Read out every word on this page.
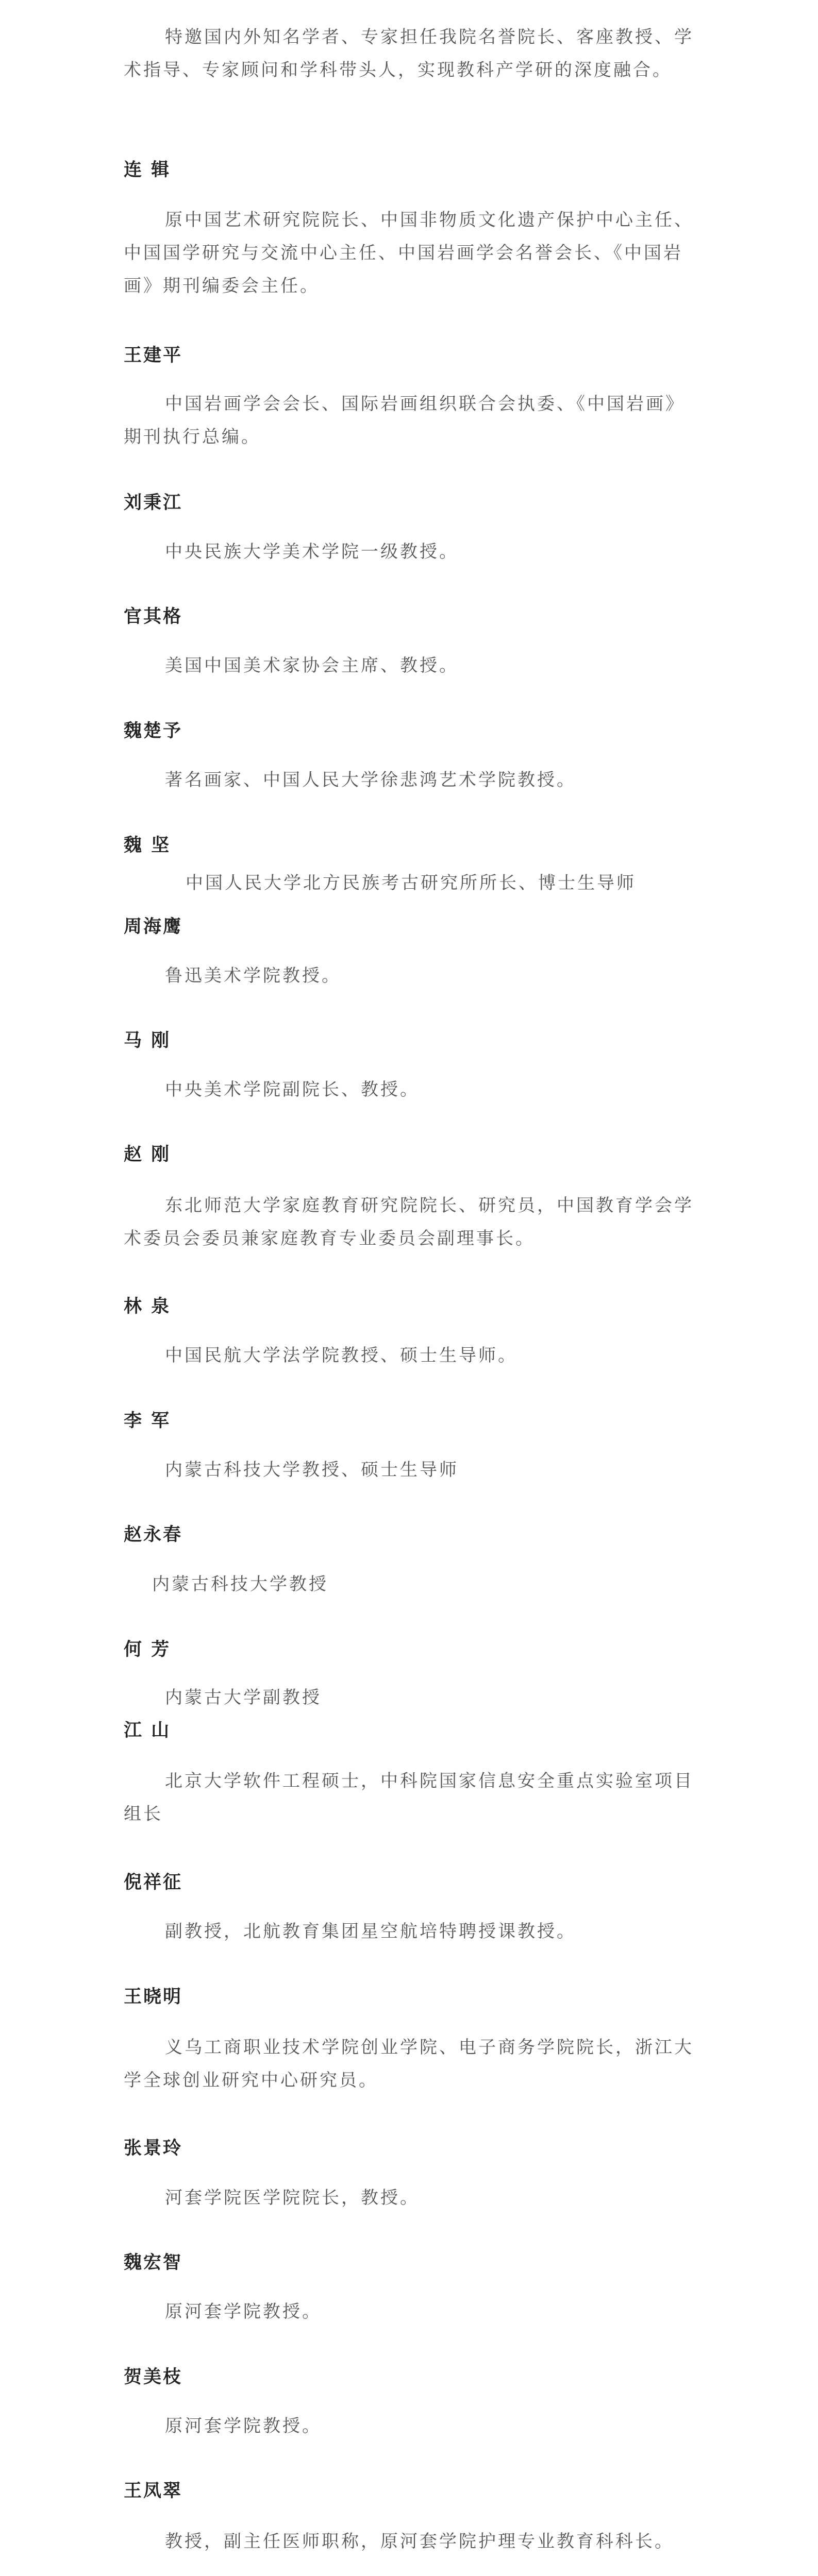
特邀国内外知名学者、专家担任我院名誉院长、客座教授、学术指导、专家顾问和学科带头人，实现教科产学研的深度融合。

连 辑

原中国艺术研究院院长、中国非物质文化遗产保护中心主任、中国国学研究与交流中心主任、中国岩画学会名誉会长、《中国岩画》期刊编委会主任。

王建平

中国岩画学会会长、国际岩画组织联合会执委、《中国岩画》期刊执行总编。

刘秉江

中央民族大学美术学院一级教授。

官其格

美国中国美术家协会主席、教授。

魏楚予

著名画家、中国人民大学徐悲鸿艺术学院教授。

魏 坚

中国人民大学北方民族考古研究所所长、博士生导师

周海鹰

鲁迅美术学院教授。

马 刚

中央美术学院副院长、教授。

赵 刚

东北师范大学家庭教育研究院院长、研究员，中国教育学会学术委员会委员兼家庭教育专业委员会副理事长。

林 泉

中国民航大学法学院教授、硕士生导师。

李 军

内蒙古科技大学教授、硕士生导师

赵永春

内蒙古科技大学教授

何 芳

内蒙古大学副教授

江 山

北京大学软件工程硕士，中科院国家信息安全重点实验室项目组长

倪祥征

副教授，北航教育集团星空航培特聘授课教授。

王晓明

义乌工商职业技术学院创业学院、电子商务学院院长，浙江大学全球创业研究中心研究员。

张景玲

河套学院医学院院长，教授。

魏宏智

原河套学院教授。

贺美枝

原河套学院教授。

王凤翠

教授，副主任医师职称，原河套学院护理专业教育科科长。
